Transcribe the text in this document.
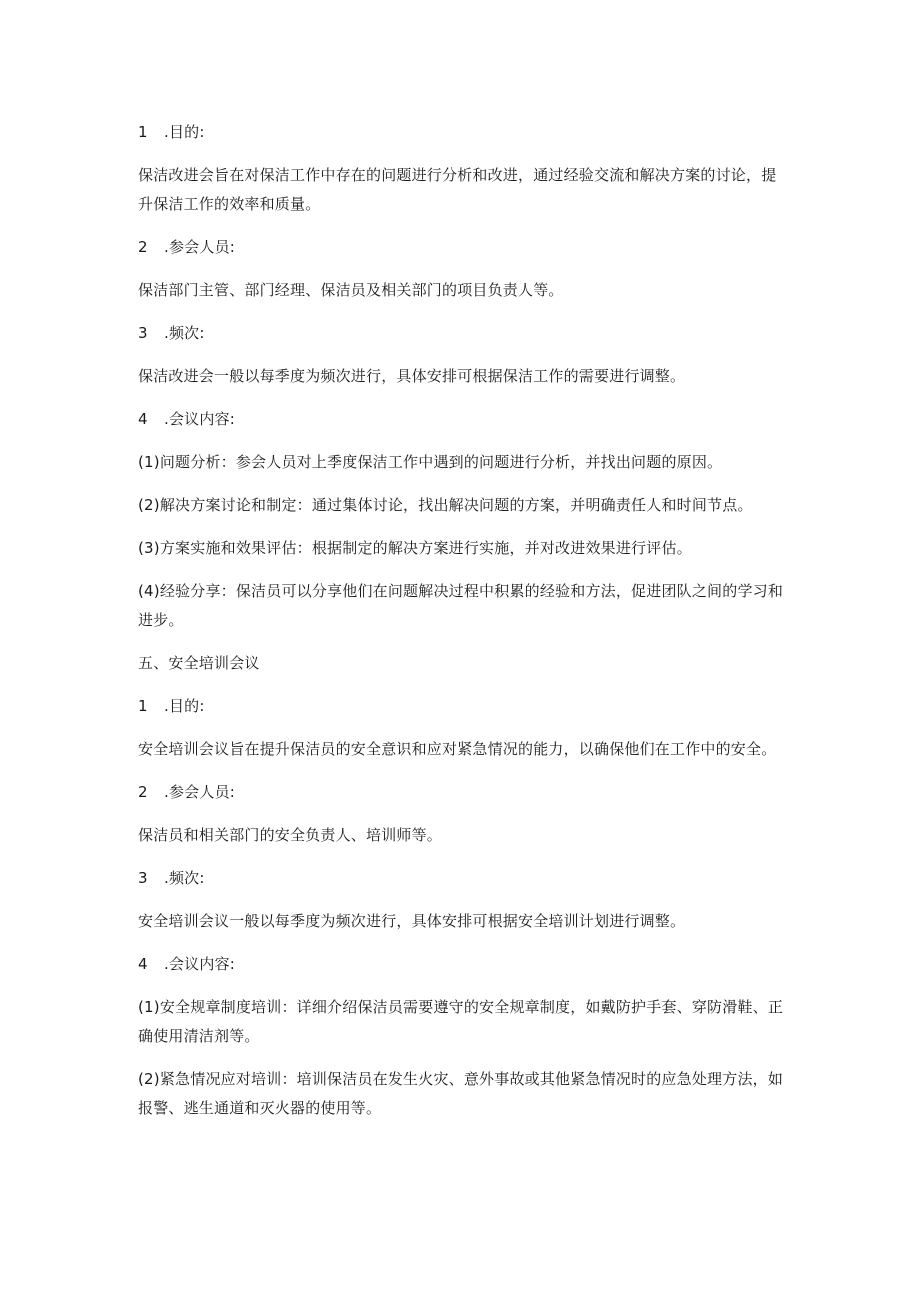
1 .目的:

保洁改进会旨在对保洁工作中存在的问题进行分析和改进，通过经验交流和解决方案的讨论，提升保洁工作的效率和质量。

2 .参会人员:

保洁部门主管、部门经理、保洁员及相关部门的项目负责人等。

3 .频次:

保洁改进会一般以每季度为频次进行，具体安排可根据保洁工作的需要进行调整。

4 .会议内容:

(1)问题分析：参会人员对上季度保洁工作中遇到的问题进行分析，并找出问题的原因。

(2)解决方案讨论和制定：通过集体讨论，找出解决问题的方案，并明确责任人和时间节点。

(3)方案实施和效果评估：根据制定的解决方案进行实施，并对改进效果进行评估。

(4)经验分享：保洁员可以分享他们在问题解决过程中积累的经验和方法，促进团队之间的学习和进步。

五、安全培训会议

1 .目的:

安全培训会议旨在提升保洁员的安全意识和应对紧急情况的能力，以确保他们在工作中的安全。

2 .参会人员:

保洁员和相关部门的安全负责人、培训师等。

3 .频次:

安全培训会议一般以每季度为频次进行，具体安排可根据安全培训计划进行调整。

4 .会议内容:

(1)安全规章制度培训：详细介绍保洁员需要遵守的安全规章制度，如戴防护手套、穿防滑鞋、正确使用清洁剂等。

(2)紧急情况应对培训：培训保洁员在发生火灾、意外事故或其他紧急情况时的应急处理方法，如报警、逃生通道和灭火器的使用等。
